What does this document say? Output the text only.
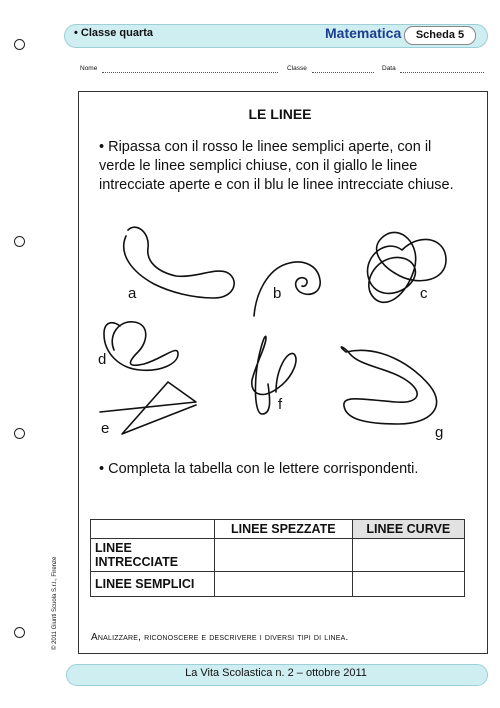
• Classe quarta	Matematica	Scheda 5
Nome	Classe	Data
LE LINEE
• Ripassa con il rosso le linee semplici aperte, con il verde le linee semplici chiuse, con il giallo le linee intrecciate aperte e con il blu le linee intrecciate chiuse.
a	b	c
d
e
f
g
• Completa la tabella con le lettere corrispondenti.
	LINEE SPEZZATE	LINEE CURVE
LINEE INTRECCIATE		
LINEE SEMPLICI		
Analizzare, riconoscere e descrivere i diversi tipi di linea.
© 2011 Giunti Scuola S.r.l., Firenze
La Vita Scolastica n. 2 – ottobre 2011
